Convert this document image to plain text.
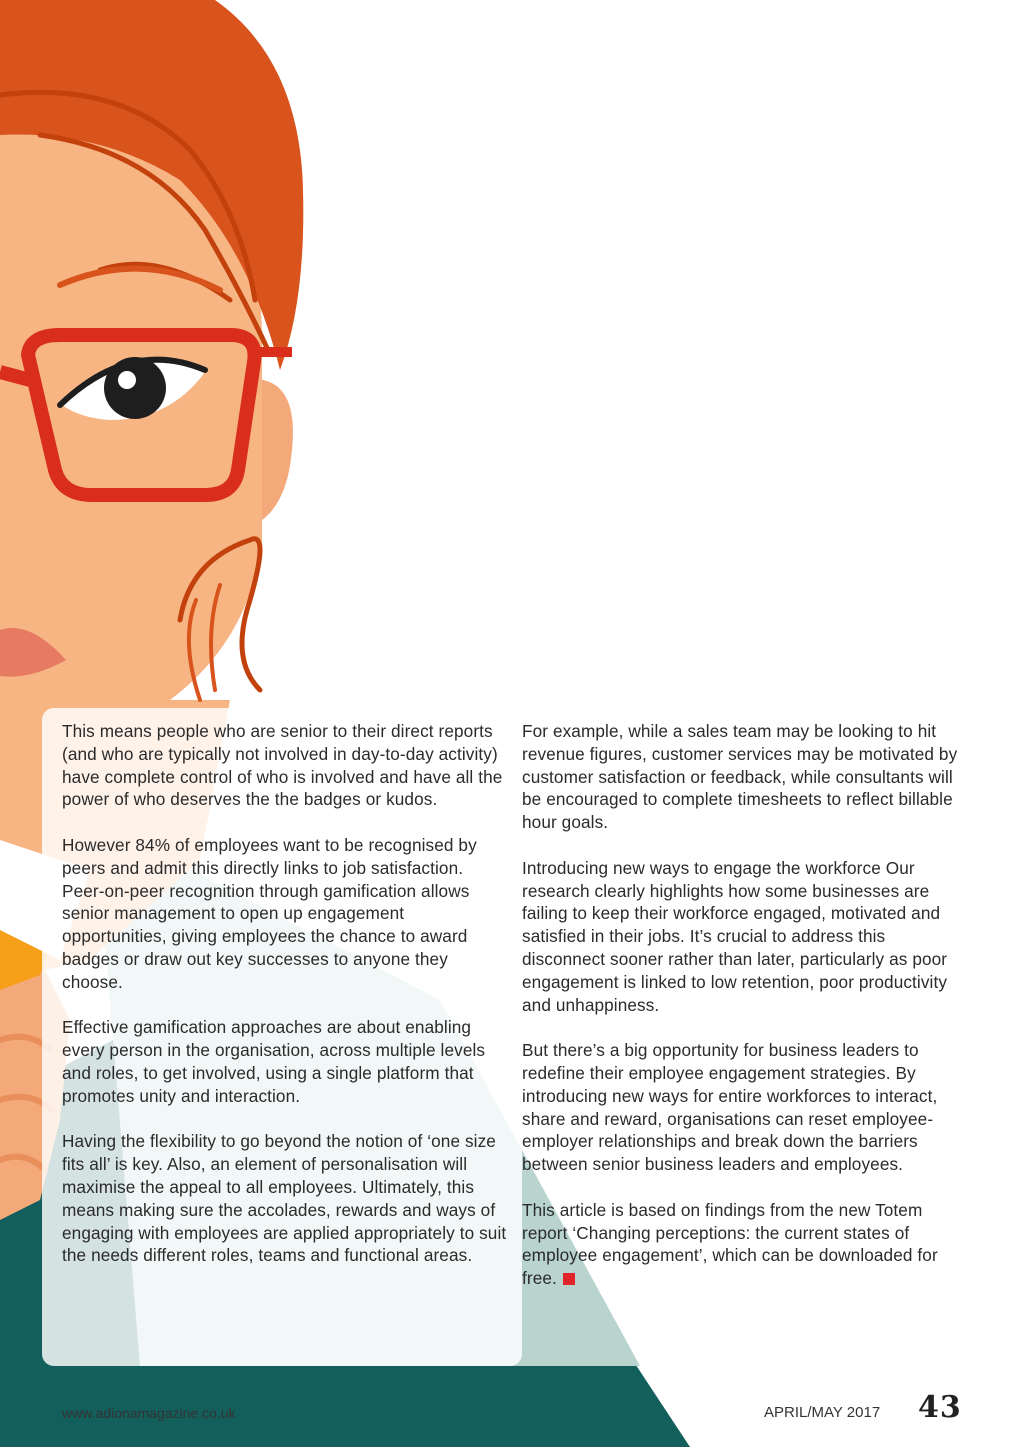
This means people who are senior to their direct reports (and who are typically not involved in day-to-day activity) have complete control of who is involved and have all the power of who deserves the the badges or kudos.

However 84% of employees want to be recognised by peers and admit this directly links to job satisfaction. Peer-on-peer recognition through gamification allows senior management to open up engagement opportunities, giving employees the chance to award badges or draw out key successes to anyone they choose.

Effective gamification approaches are about enabling every person in the organisation, across multiple levels and roles, to get involved, using a single platform that promotes unity and interaction.

Having the flexibility to go beyond the notion of ‘one size fits all’ is key. Also, an element of personalisation will maximise the appeal to all employees. Ultimately, this means making sure the accolades, rewards and ways of engaging with employees are applied appropriately to suit the needs different roles, teams and functional areas.

For example, while a sales team may be looking to hit revenue figures, customer services may be motivated by customer satisfaction or feedback, while consultants will be encouraged to complete timesheets to reflect billable hour goals.

Introducing new ways to engage the workforce Our research clearly highlights how some businesses are failing to keep their workforce engaged, motivated and satisfied in their jobs. It’s crucial to address this disconnect sooner rather than later, particularly as poor engagement is linked to low retention, poor productivity and unhappiness.

But there’s a big opportunity for business leaders to redefine their employee engagement strategies. By introducing new ways for entire workforces to interact, share and reward, organisations can reset employee-employer relationships and break down the barriers between senior business leaders and employees.

This article is based on findings from the new Totem report ‘Changing perceptions: the current states of employee engagement’, which can be downloaded for free.

www.adionamagazine.co.uk	APRIL/MAY 2017 43
